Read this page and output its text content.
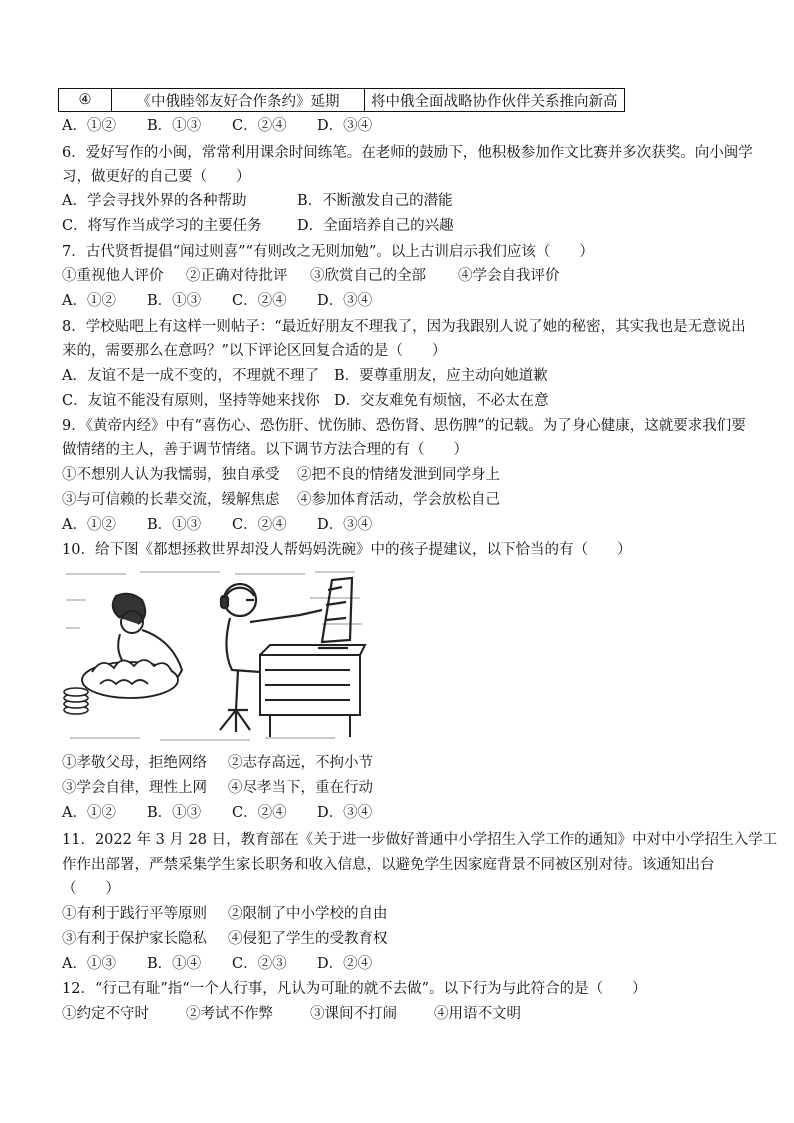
④	《中俄睦邻友好合作条约》延期	将中俄全面战略协作伙伴关系推向新高
A．①② B．①③ C．②④ D．③④
6．爱好写作的小闽，常常利用课余时间练笔。在老师的鼓励下，他积极参加作文比赛并多次获奖。向小闽学
习，做更好的自己要（　　）
A．学会寻找外界的各种帮助	B．不断激发自己的潜能
C．将写作当成学习的主要任务 D．全面培养自己的兴趣
7．古代贤哲提倡“闻过则喜”“有则改之无则加勉”。以上古训启示我们应该（　　）
①重视他人评价 ②正确对待批评 ③欣赏自己的全部 ④学会自我评价
A．①② B．①③ C．②④ D．③④
8．学校贴吧上有这样一则帖子：“最近好朋友不理我了，因为我跟别人说了她的秘密，其实我也是无意说出
来的，需要那么在意吗？”以下评论区回复合适的是（　　）
A．友谊不是一成不变的，不理就不理了 B．要尊重朋友，应主动向她道歉
C．友谊不能没有原则，坚持等她来找你 D．交友难免有烦恼，不必太在意
9．《黄帝内经》中有“喜伤心、恐伤肝、忧伤肺、恐伤肾、思伤脾”的记载。为了身心健康，这就要求我们要
做情绪的主人，善于调节情绪。以下调节方法合理的有（　　）
①不想别人认为我懦弱，独自承受 ②把不良的情绪发泄到同学身上
③与可信赖的长辈交流，缓解焦虑 ④参加体育活动，学会放松自己
A．①② B．①③ C．②④ D．③④
10．给下图《都想拯救世界却没人帮妈妈洗碗》中的孩子提建议，以下恰当的有（　　）
①孝敬父母，拒绝网络 ②志存高远，不拘小节
③学会自律，理性上网 ④尽孝当下，重在行动
A．①② B．①③ C．②④ D．③④
11．2022 年 3 月 28 日，教育部在《关于进一步做好普通中小学招生入学工作的通知》中对中小学招生入学工
作作出部署，严禁采集学生家长职务和收入信息，以避免学生因家庭背景不同被区别对待。该通知出台
（　　）
①有利于践行平等原则 ②限制了中小学校的自由
③有利于保护家长隐私 ④侵犯了学生的受教育权
A．①③ B．①④ C．②③ D．②④
12．“行己有耻”指“一个人行事，凡认为可耻的就不去做”。以下行为与此符合的是（　　）
①约定不守时	②考试不作弊	③课间不打闹	④用语不文明
